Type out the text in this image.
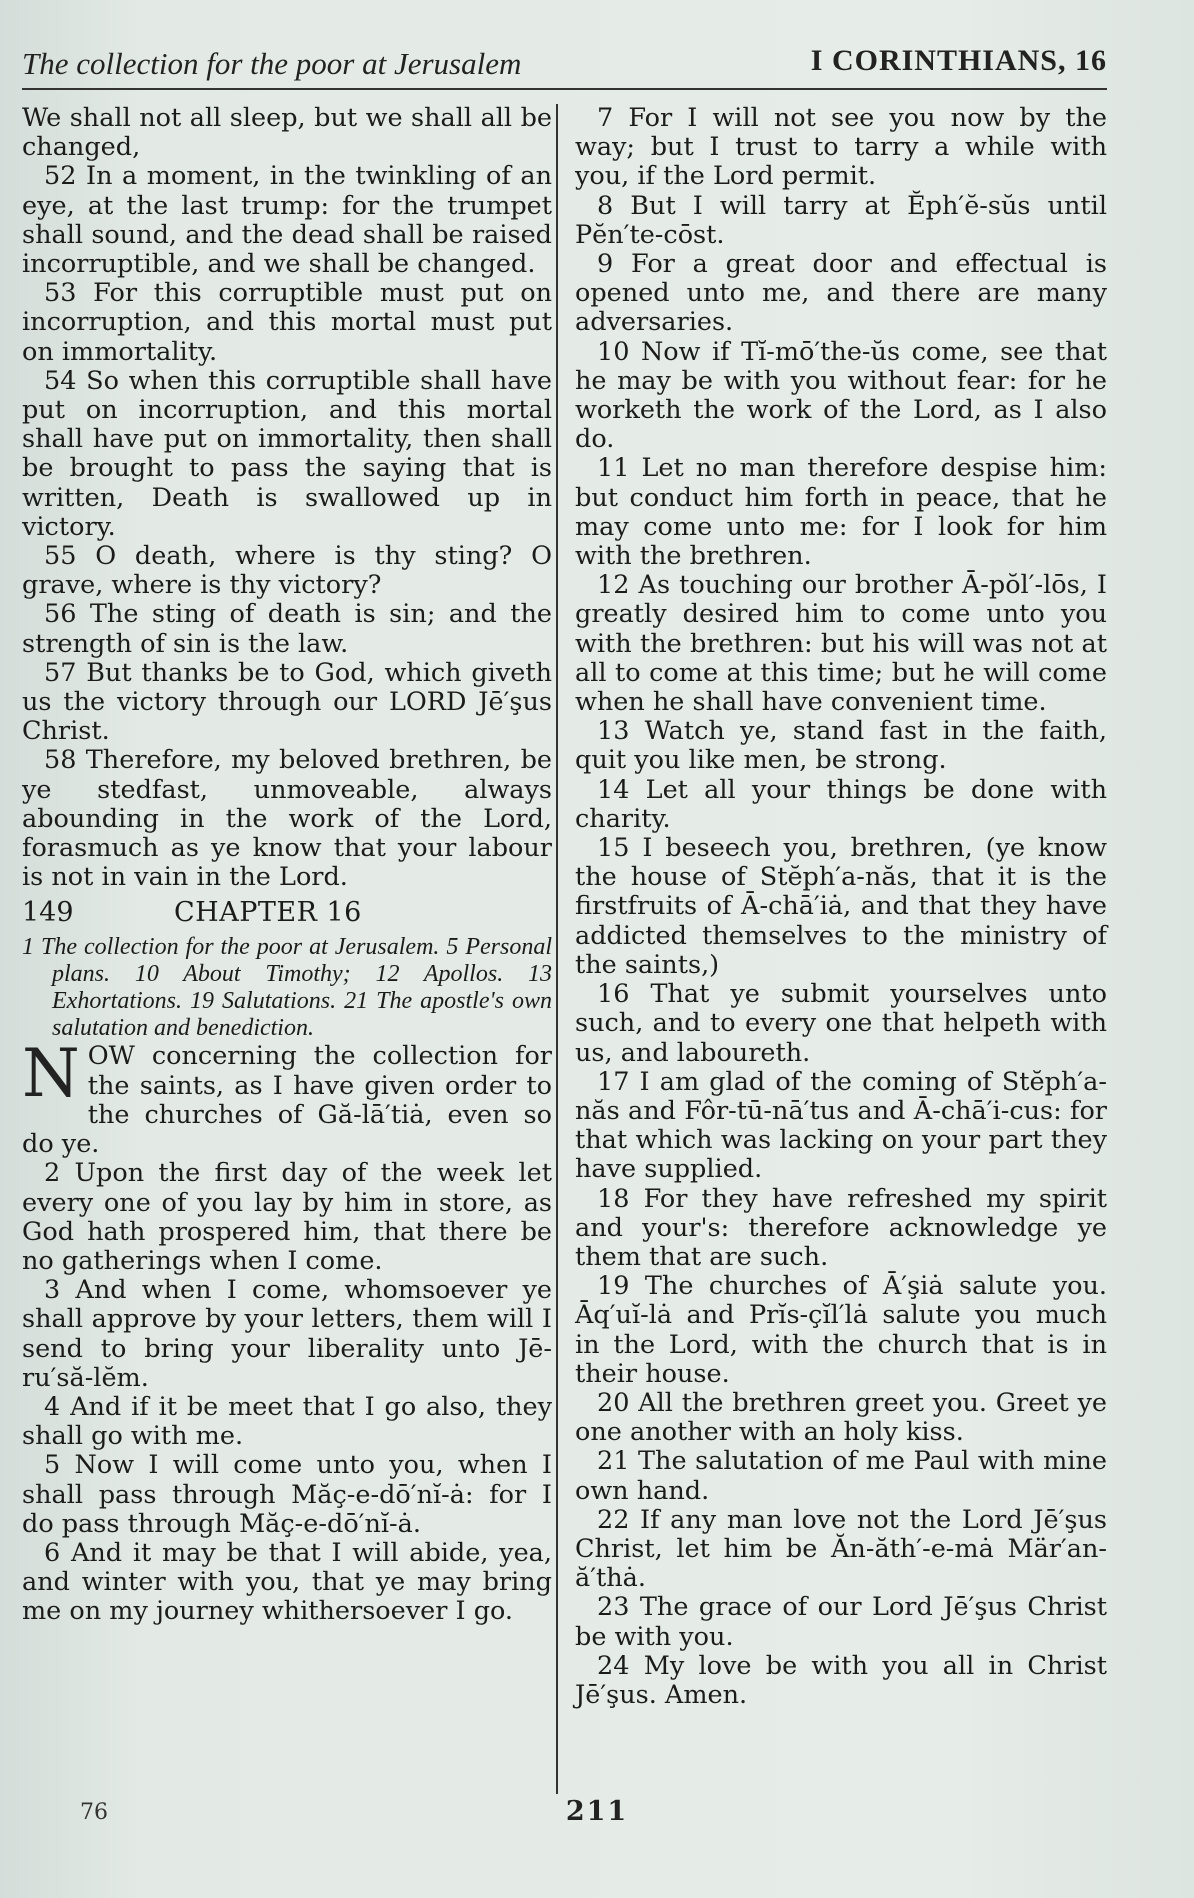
The collection for the poor at Jerusalem	I CORINTHIANS, 16

We shall not all sleep, but we shall all be changed,

52 In a moment, in the twinkling of an eye, at the last trump: for the trumpet shall sound, and the dead shall be raised incorruptible, and we shall be changed.

53 For this corruptible must put on incorruption, and this mortal must put on immortality.

54 So when this corruptible shall have put on incorruption, and this mortal shall have put on immortality, then shall be brought to pass the saying that is written, Death is swallowed up in victory.

55 O death, where is thy sting? O grave, where is thy victory?

56 The sting of death is sin; and the strength of sin is the law.

57 But thanks be to God, which giveth us the victory through our LORD Jē′şus Christ.

58 Therefore, my beloved brethren, be ye stedfast, unmoveable, always abounding in the work of the Lord, forasmuch as ye know that your labour is not in vain in the Lord.

149	CHAPTER 16

1 The collection for the poor at Jerusalem. 5 Personal plans. 10 About Timothy; 12 Apollos. 13 Exhortations. 19 Salutations. 21 The apostle's own salutation and benediction.

NOW concerning the collection for the saints, as I have given order to the churches of Gă-lā′tiȧ, even so do ye.

2 Upon the first day of the week let every one of you lay by him in store, as God hath prospered him, that there be no gatherings when I come.

3 And when I come, whomsoever ye shall approve by your letters, them will I send to bring your liberality unto Jē-ru′să-lĕm.

4 And if it be meet that I go also, they shall go with me.

5 Now I will come unto you, when I shall pass through Măç-e-dō′nĭ-ȧ: for I do pass through Măç-e-dō′nĭ-ȧ.

6 And it may be that I will abide, yea, and winter with you, that ye may bring me on my journey whithersoever I go.

7 For I will not see you now by the way; but I trust to tarry a while with you, if the Lord permit.

8 But I will tarry at Ĕph′ĕ-sŭs until Pĕn′te-cōst.

9 For a great door and effectual is opened unto me, and there are many adversaries.

10 Now if Tĭ-mō′the-ŭs come, see that he may be with you without fear: for he worketh the work of the Lord, as I also do.

11 Let no man therefore despise him: but conduct him forth in peace, that he may come unto me: for I look for him with the brethren.

12 As touching our brother Ā-pŏl′-lōs, I greatly desired him to come unto you with the brethren: but his will was not at all to come at this time; but he will come when he shall have convenient time.

13 Watch ye, stand fast in the faith, quit you like men, be strong.

14 Let all your things be done with charity.

15 I beseech you, brethren, (ye know the house of Stĕph′a-năs, that it is the firstfruits of Ā-chā′iȧ, and that they have addicted themselves to the ministry of the saints,)

16 That ye submit yourselves unto such, and to every one that helpeth with us, and laboureth.

17 I am glad of the coming of Stĕph′a-năs and Fôr-tū-nā′tus and Ā-chā′i-cus: for that which was lacking on your part they have supplied.

18 For they have refreshed my spirit and your's: therefore acknowledge ye them that are such.

19 The churches of Ā′şiȧ salute you. Āq′uĭ-lȧ and Prĭs-çĭl′lȧ salute you much in the Lord, with the church that is in their house.

20 All the brethren greet you. Greet ye one another with an holy kiss.

21 The salutation of me Paul with mine own hand.

22 If any man love not the Lord Jē′şus Christ, let him be Ăn-ăth′-e-mȧ Mär′an-ă′thȧ.

23 The grace of our Lord Jē′şus Christ be with you.

24 My love be with you all in Christ Jē′şus. Amen.

76	211
